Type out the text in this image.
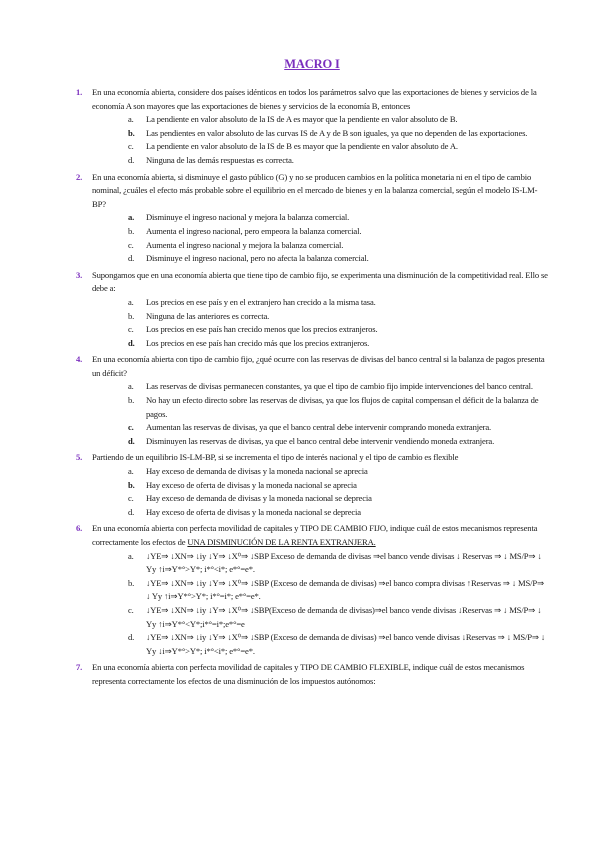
MACRO I
1. En una economía abierta, considere dos países idénticos en todos los parámetros salvo que las exportaciones de bienes y servicios de la economía A son mayores que las exportaciones de bienes y servicios de la economía B, entonces
a. La pendiente en valor absoluto de la IS de A es mayor que la pendiente en valor absoluto de B.
b. Las pendientes en valor absoluto de las curvas IS de A y de B son iguales, ya que no dependen de las exportaciones.
c. La pendiente en valor absoluto de la IS de B es mayor que la pendiente en valor absoluto de A.
d. Ninguna de las demás respuestas es correcta.
2. En una economía abierta, si disminuye el gasto público (G) y no se producen cambios en la política monetaria ni en el tipo de cambio nominal, ¿cuáles el efecto más probable sobre el equilibrio en el mercado de bienes y en la balanza comercial, según el modelo IS-LM-BP?
a. Disminuye el ingreso nacional y mejora la balanza comercial.
b. Aumenta el ingreso nacional, pero empeora la balanza comercial.
c. Aumenta el ingreso nacional y mejora la balanza comercial.
d. Disminuye el ingreso nacional, pero no afecta la balanza comercial.
3. Supongamos que en una economía abierta que tiene tipo de cambio fijo, se experimenta una disminución de la competitividad real. Ello se debe a:
a. Los precios en ese país y en el extranjero han crecido a la misma tasa.
b. Ninguna de las anteriores es correcta.
c. Los precios en ese país han crecido menos que los precios extranjeros.
d. Los precios en ese país han crecido más que los precios extranjeros.
4. En una economía abierta con tipo de cambio fijo, ¿qué ocurre con las reservas de divisas del banco central si la balanza de pagos presenta un déficit?
a. Las reservas de divisas permanecen constantes, ya que el tipo de cambio fijo impide intervenciones del banco central.
b. No hay un efecto directo sobre las reservas de divisas, ya que los flujos de capital compensan el déficit de la balanza de pagos.
c. Aumentan las reservas de divisas, ya que el banco central debe intervenir comprando moneda extranjera.
d. Disminuyen las reservas de divisas, ya que el banco central debe intervenir vendiendo moneda extranjera.
5. Partiendo de un equilibrio IS-LM-BP, si se incrementa el tipo de interés nacional y el tipo de cambio es flexible
a. Hay exceso de demanda de divisas y la moneda nacional se aprecia
b. Hay exceso de oferta de divisas y la moneda nacional se aprecia
c. Hay exceso de demanda de divisas y la moneda nacional se deprecia
d. Hay exceso de oferta de divisas y la moneda nacional se deprecia
6. En una economía abierta con perfecta movilidad de capitales y TIPO DE CAMBIO FIJO, indique cuál de estos mecanismos representa correctamente los efectos de UNA DISMINUCIÓN DE LA RENTA EXTRANJERA.
a. ↓YE⇒ ↓XN⇒ ↓iy ↓Y⇒ ↓X⁰⇒ ↓SBP Exceso de demanda de divisas ⇒el banco vende divisas ↓ Reservas ⇒ ↓ MS/P⇒ ↓ Yy ↑i⇒Y*°>Y*; i*°<i*; e*°=e*.
b. ↓YE⇒ ↓XN⇒ ↓iy ↓Y⇒ ↓X⁰⇒ ↓SBP (Exceso de demanda de divisas) ⇒el banco compra divisas ↑Reservas ⇒ ↓ MS/P⇒ ↓ Yy ↑i⇒Y*°>Y*; i*°=i*; e*°=e*.
c. ↓YE⇒ ↓XN⇒ ↓iy ↓Y⇒ ↓X⁰⇒ ↓SBP(Exceso de demanda de divisas)⇒el banco vende divisas ↓Reservas ⇒ ↓ MS/P⇒ ↓ Yy ↑i⇒Y*°<Y*;i*°=i*;e*°=e
d. ↓YE⇒ ↓XN⇒ ↓iy ↓Y⇒ ↓X⁰⇒ ↓SBP (Exceso de demanda de divisas) ⇒el banco vende divisas ↓Reservas ⇒ ↓ MS/P⇒ ↓ Yy ↓i⇒Y*°>Y*; i*°<i*; e*°=e*.
7. En una economía abierta con perfecta movilidad de capitales y TIPO DE CAMBIO FLEXIBLE, indique cuál de estos mecanismos representa correctamente los efectos de una disminución de los impuestos autónomos:
